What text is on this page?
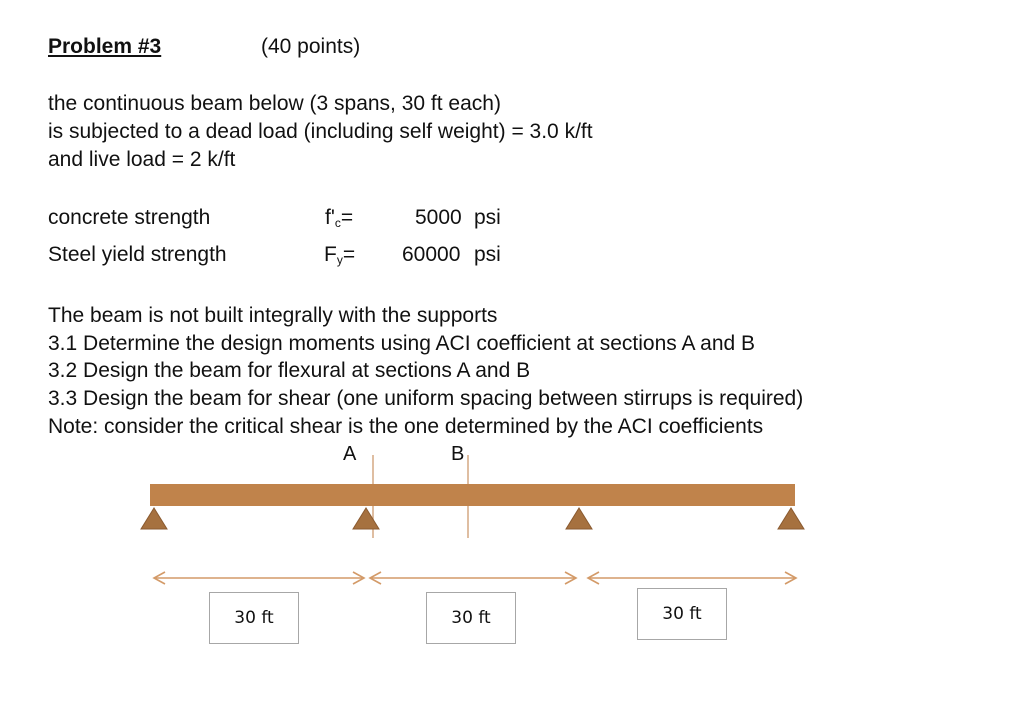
Problem #3	(40 points)
the continuous beam below (3 spans, 30 ft each)
is subjected to a dead load (including self weight) = 3.0 k/ft
and live load = 2 k/ft
concrete strength	$f'_c=$	5000 psi
Steel yield strength	$F_y= 60000$ psi
The beam is not built integrally with the supports
3.1 Determine the design moments using ACI coefficient at sections A and B
3.2 Design the beam for flexural at sections A and B
3.3 Design the beam for shear (one uniform spacing between stirrups is required)
Note: consider the critical shear is the one determined by the ACI coefficients
A	B
30 ft	30 ft	30 ft
